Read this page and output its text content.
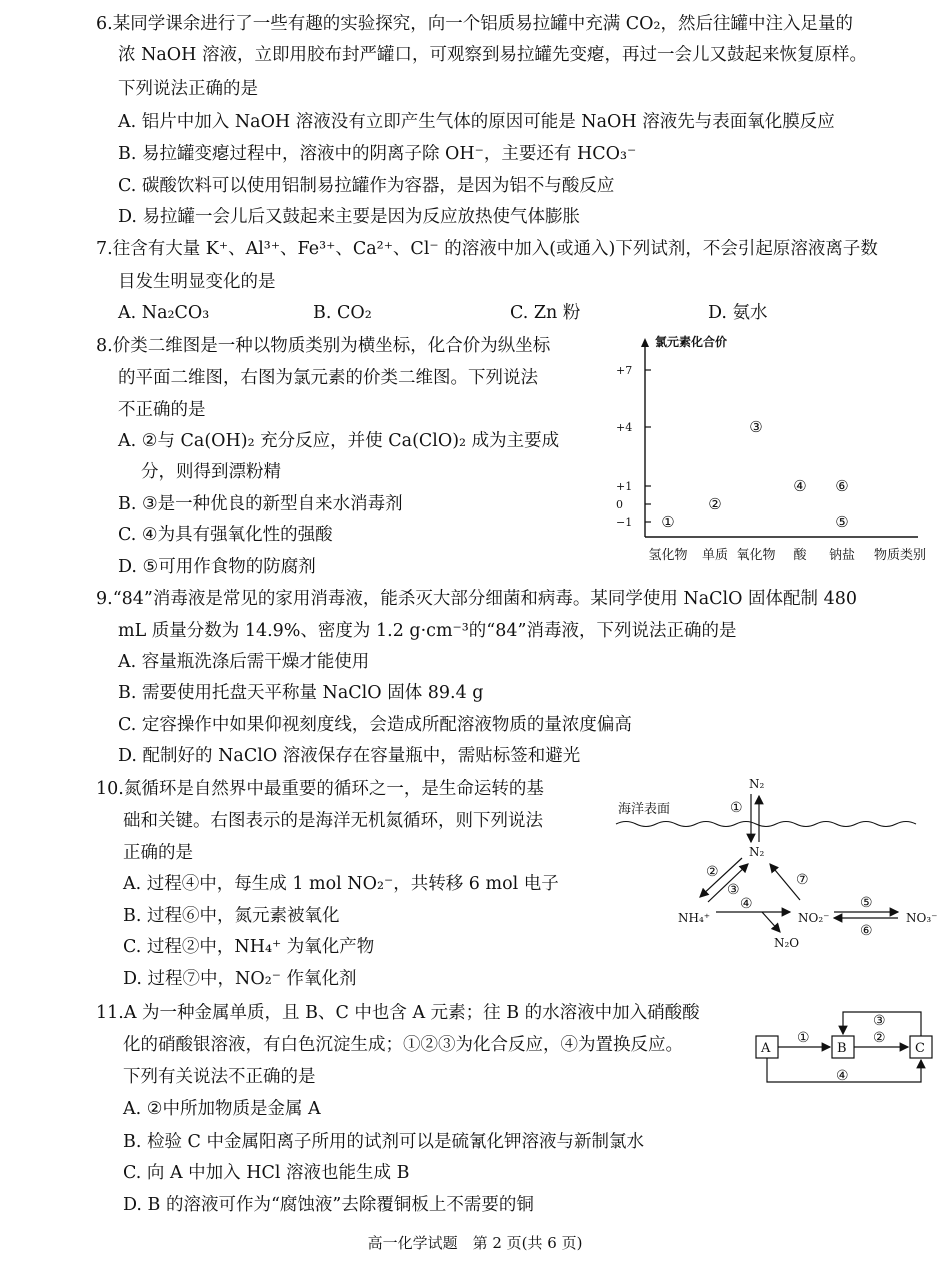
6.某同学课余进行了一些有趣的实验探究，向一个铝质易拉罐中充满 CO₂，然后往罐中注入足量的
浓 NaOH 溶液，立即用胶布封严罐口，可观察到易拉罐先变瘪，再过一会儿又鼓起来恢复原样。
下列说法正确的是
A. 铝片中加入 NaOH 溶液没有立即产生气体的原因可能是 NaOH 溶液先与表面氧化膜反应
B. 易拉罐变瘪过程中，溶液中的阴离子除 OH⁻，主要还有 HCO₃⁻
C. 碳酸饮料可以使用铝制易拉罐作为容器，是因为铝不与酸反应
D. 易拉罐一会儿后又鼓起来主要是因为反应放热使气体膨胀
7.往含有大量 K⁺、Al³⁺、Fe³⁺、Ca²⁺、Cl⁻ 的溶液中加入(或通入)下列试剂，不会引起原溶液离子数
目发生明显变化的是
A. Na₂CO₃	B. CO₂	C. Zn 粉	D. 氨水
8.价类二维图是一种以物质类别为横坐标，化合价为纵坐标
的平面二维图，右图为氯元素的价类二维图。下列说法
不正确的是
A. ②与 Ca(OH)₂ 充分反应，并使 Ca(ClO)₂ 成为主要成
分，则得到漂粉精
B. ③是一种优良的新型自来水消毒剂
C. ④为具有强氧化性的强酸
D. ⑤可用作食物的防腐剂
氯元素化合价
+7
+4
+1
0
−1
氢化物 单质 氧化物 酸 钠盐
①
②
③
④ ⑥
⑤
物质类别
9.“84”消毒液是常见的家用消毒液，能杀灭大部分细菌和病毒。某同学使用 NaClO 固体配制 480
mL 质量分数为 14.9%、密度为 1.2 g·cm⁻³的“84”消毒液，下列说法正确的是
A. 容量瓶洗涤后需干燥才能使用
B. 需要使用托盘天平称量 NaClO 固体 89.4 g
C. 定容操作中如果仰视刻度线，会造成所配溶液物质的量浓度偏高
D. 配制好的 NaClO 溶液保存在容量瓶中，需贴标签和避光
10.氮循环是自然界中最重要的循环之一，是生命运转的基
础和关键。右图表示的是海洋无机氮循环，则下列说法
正确的是
A. 过程④中，每生成 1 mol NO₂⁻，共转移 6 mol 电子
B. 过程⑥中，氮元素被氧化
C. 过程②中，NH₄⁺ 为氧化产物
D. 过程⑦中，NO₂⁻ 作氧化剂
N₂
海洋表面	①
N₂
②
③
⑦
NH₄⁺
④
N₂O
NO₂⁻
⑤
⑥
NO₃⁻
11.A 为一种金属单质，且 B、C 中也含 A 元素；往 B 的水溶液中加入硝酸酸
化的硝酸银溶液，有白色沉淀生成；①②③为化合反应，④为置换反应。
下列有关说法不正确的是
A. ②中所加物质是金属 A
B. 检验 C 中金属阳离子所用的试剂可以是硫氰化钾溶液与新制氯水
C. 向 A 中加入 HCl 溶液也能生成 B
D. B 的溶液可作为“腐蚀液”去除覆铜板上不需要的铜
A	B	C
①	②
③
④
高一化学试题　第 2 页(共 6 页)
